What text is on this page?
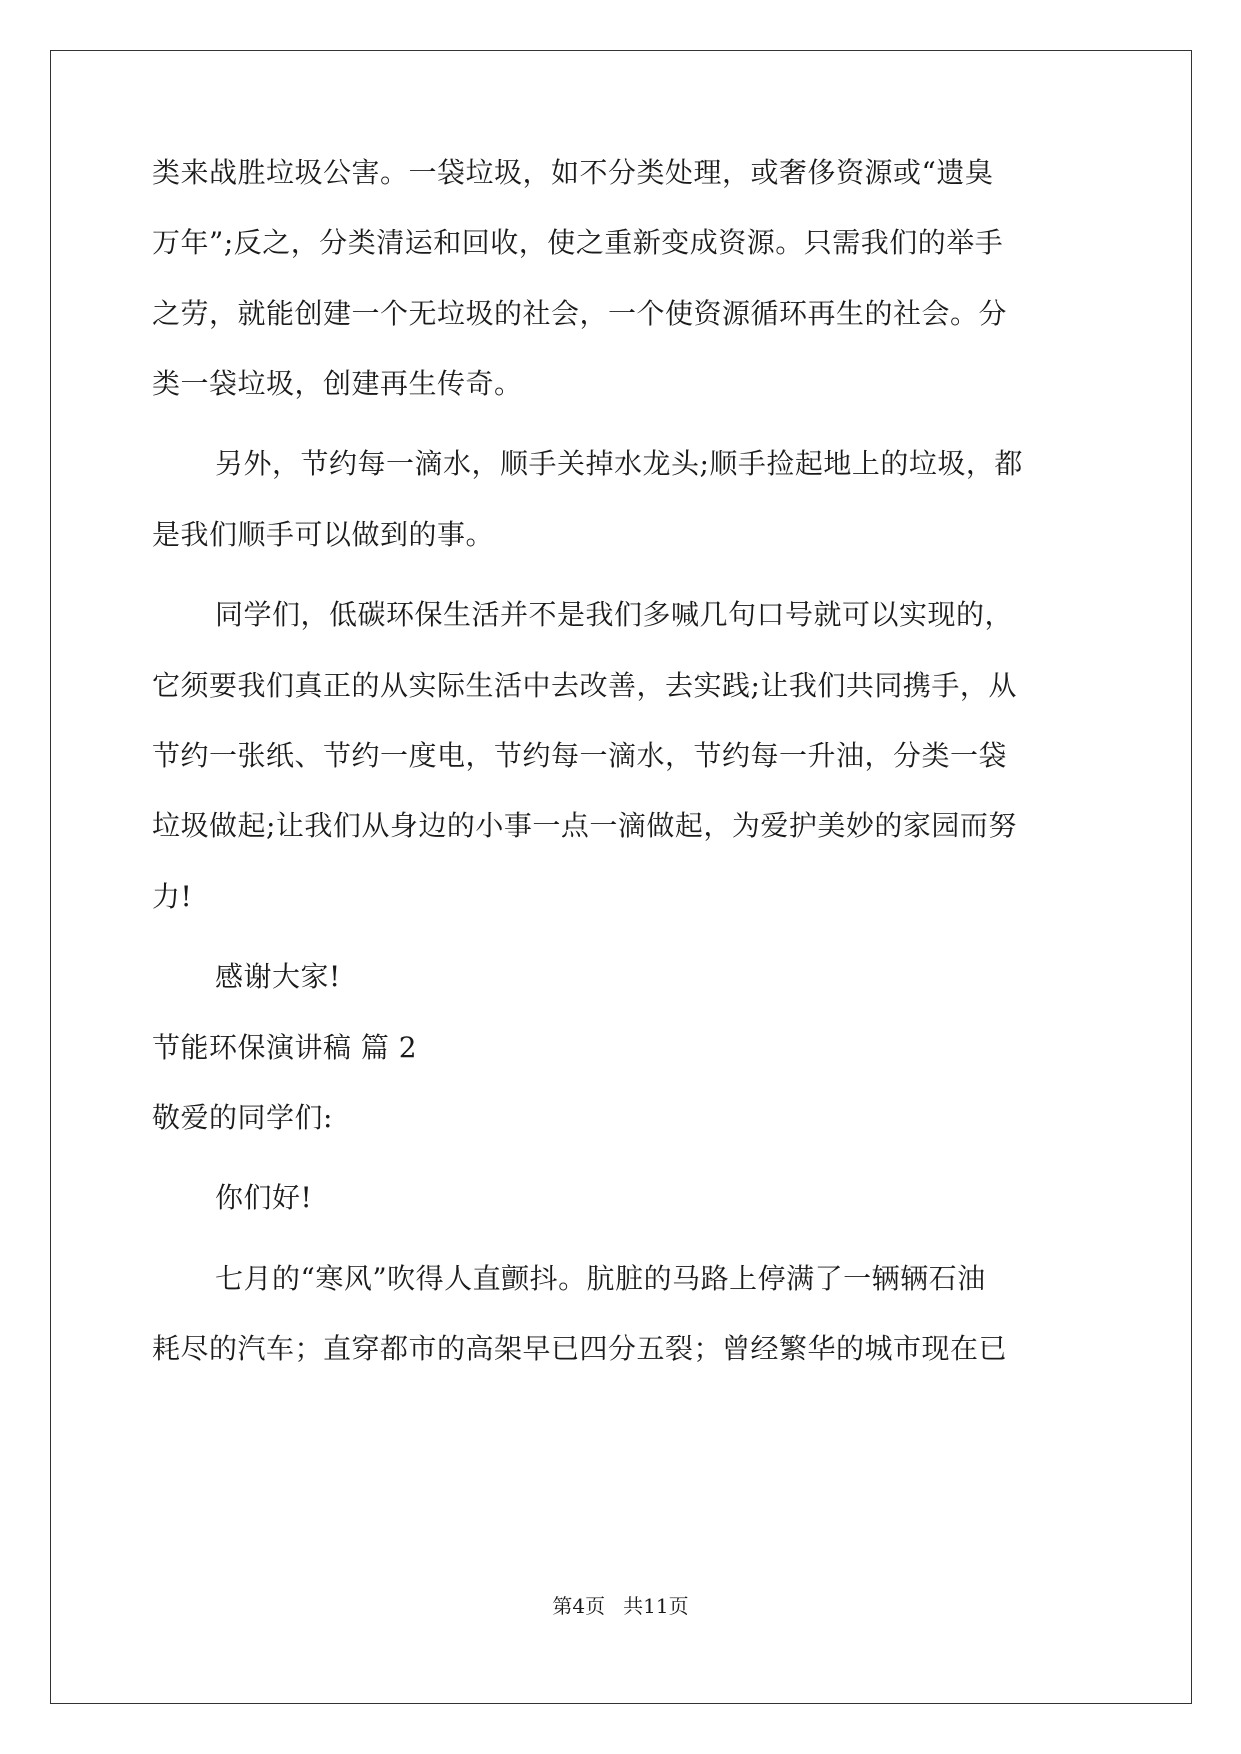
类来战胜垃圾公害。一袋垃圾，如不分类处理，或奢侈资源或“遗臭
万年”;反之，分类清运和回收，使之重新变成资源。只需我们的举手
之劳，就能创建一个无垃圾的社会，一个使资源循环再生的社会。分
类一袋垃圾，创建再生传奇。
另外，节约每一滴水，顺手关掉水龙头;顺手捡起地上的垃圾，都
是我们顺手可以做到的事。
同学们，低碳环保生活并不是我们多喊几句口号就可以实现的，
它须要我们真正的从实际生活中去改善，去实践;让我们共同携手，从
节约一张纸、节约一度电，节约每一滴水，节约每一升油，分类一袋
垃圾做起;让我们从身边的小事一点一滴做起，为爱护美妙的家园而努
力!
感谢大家!
节能环保演讲稿 篇 2
敬爱的同学们:
你们好!
七月的“寒风”吹得人直颤抖。肮脏的马路上停满了一辆辆石油
耗尽的汽车；直穿都市的高架早已四分五裂；曾经繁华的城市现在已
第4页 共11页
